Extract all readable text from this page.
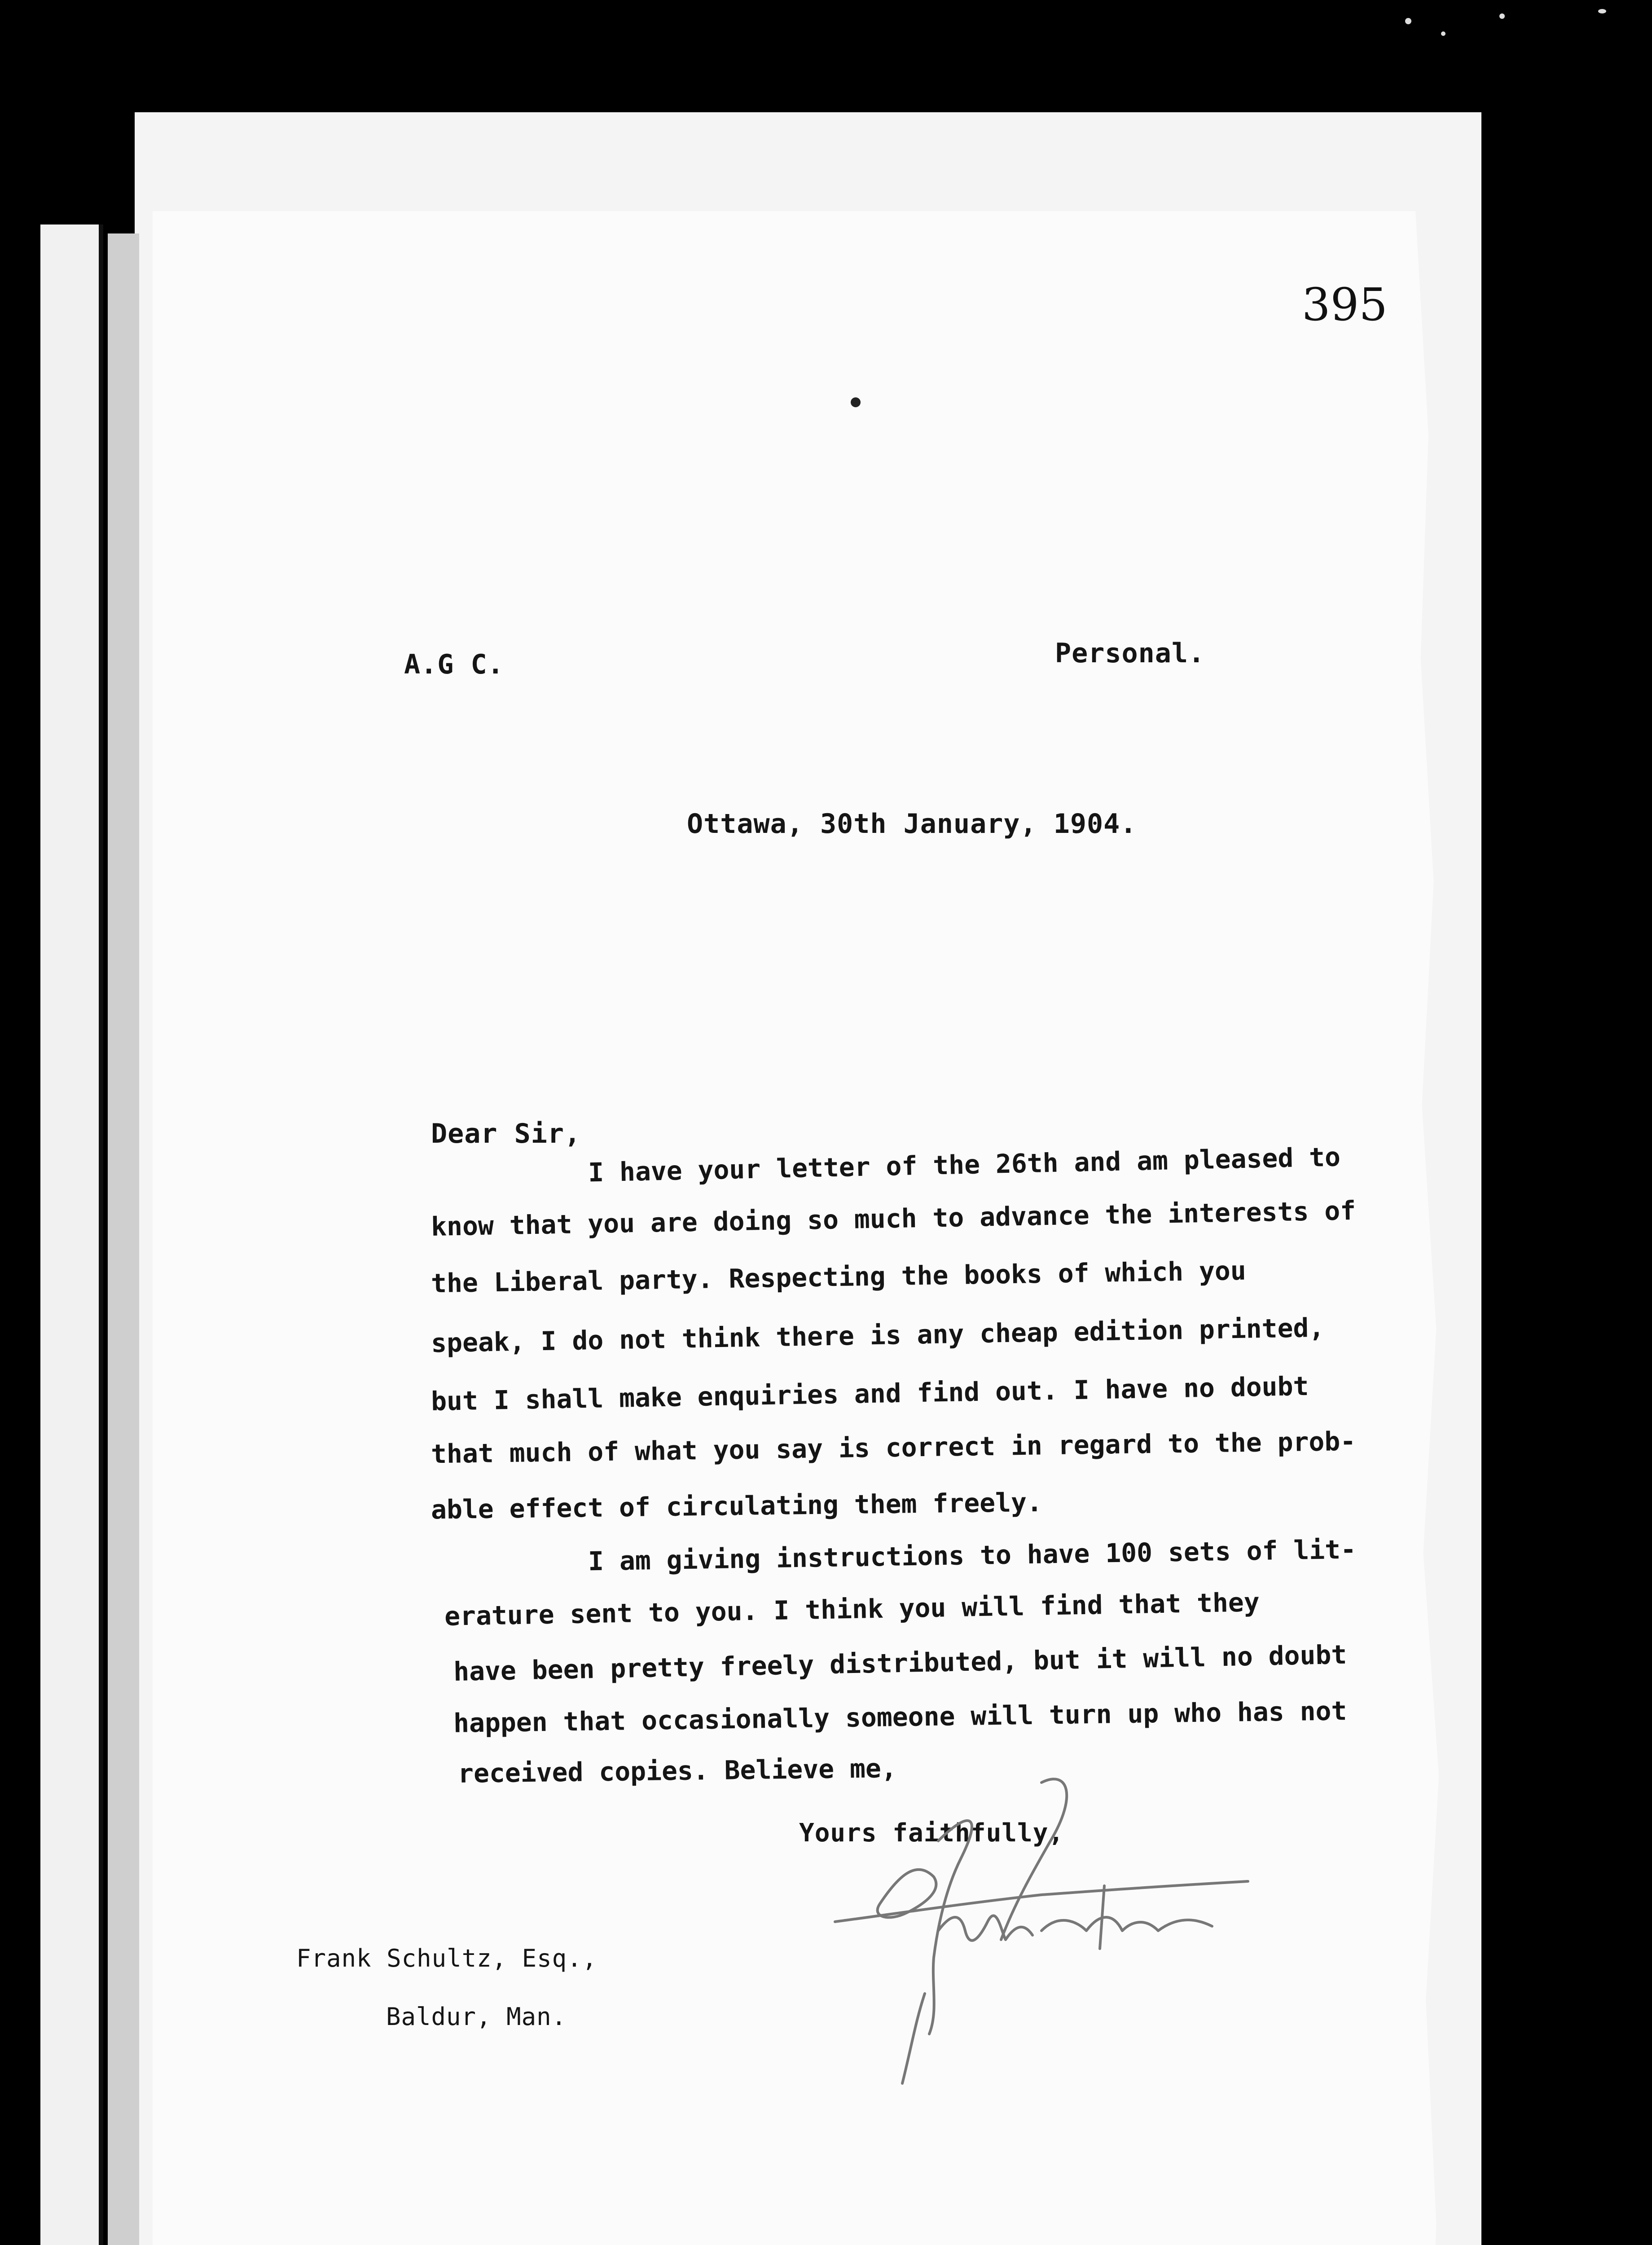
395
A.G C.	Personal.
Ottawa, 30th January, 1904.
Dear Sir,
I have your letter of the 26th and am pleased to
know that you are doing so much to advance the interests of
the Liberal party. Respecting the books of which you
speak, I do not think there is any cheap edition printed,
but I shall make enquiries and find out. I have no doubt
that much of what you say is correct in regard to the prob-
able effect of circulating them freely.
I am giving instructions to have 100 sets of lit-
erature sent to you. I think you will find that they
have been pretty freely distributed, but it will no doubt
happen that occasionally someone will turn up who has not
received copies. Believe me,
Yours faithfully,
Frank Schultz, Esq.,
Baldur, Man.
